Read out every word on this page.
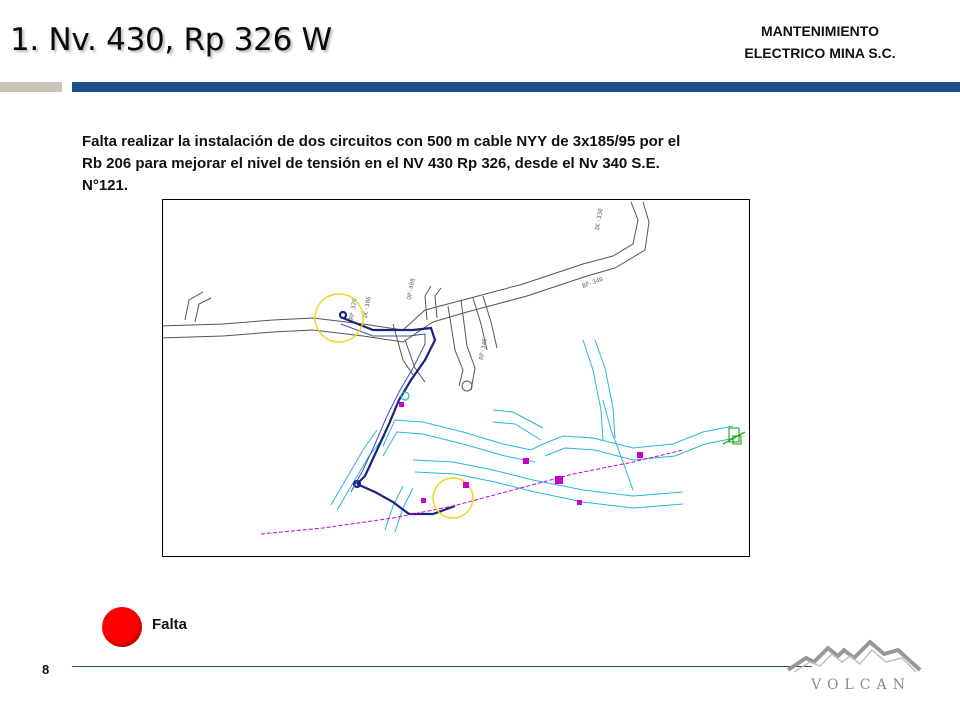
1. Nv. 430, Rp 326 W	MANTENIMIENTO
ELECTRICO MINA S.C.
Falta realizar la instalación de dos circuitos con 500 m cable NYY de 3x185/95 por el
Rb 206 para mejorar el nivel de tensión en el NV 430 Rp 326, desde el Nv 340 S.E.
N°121.
DC-306
RP 326
BP-340
OP-408
RP-346
DC-330
Falta
8
VOLCAN
